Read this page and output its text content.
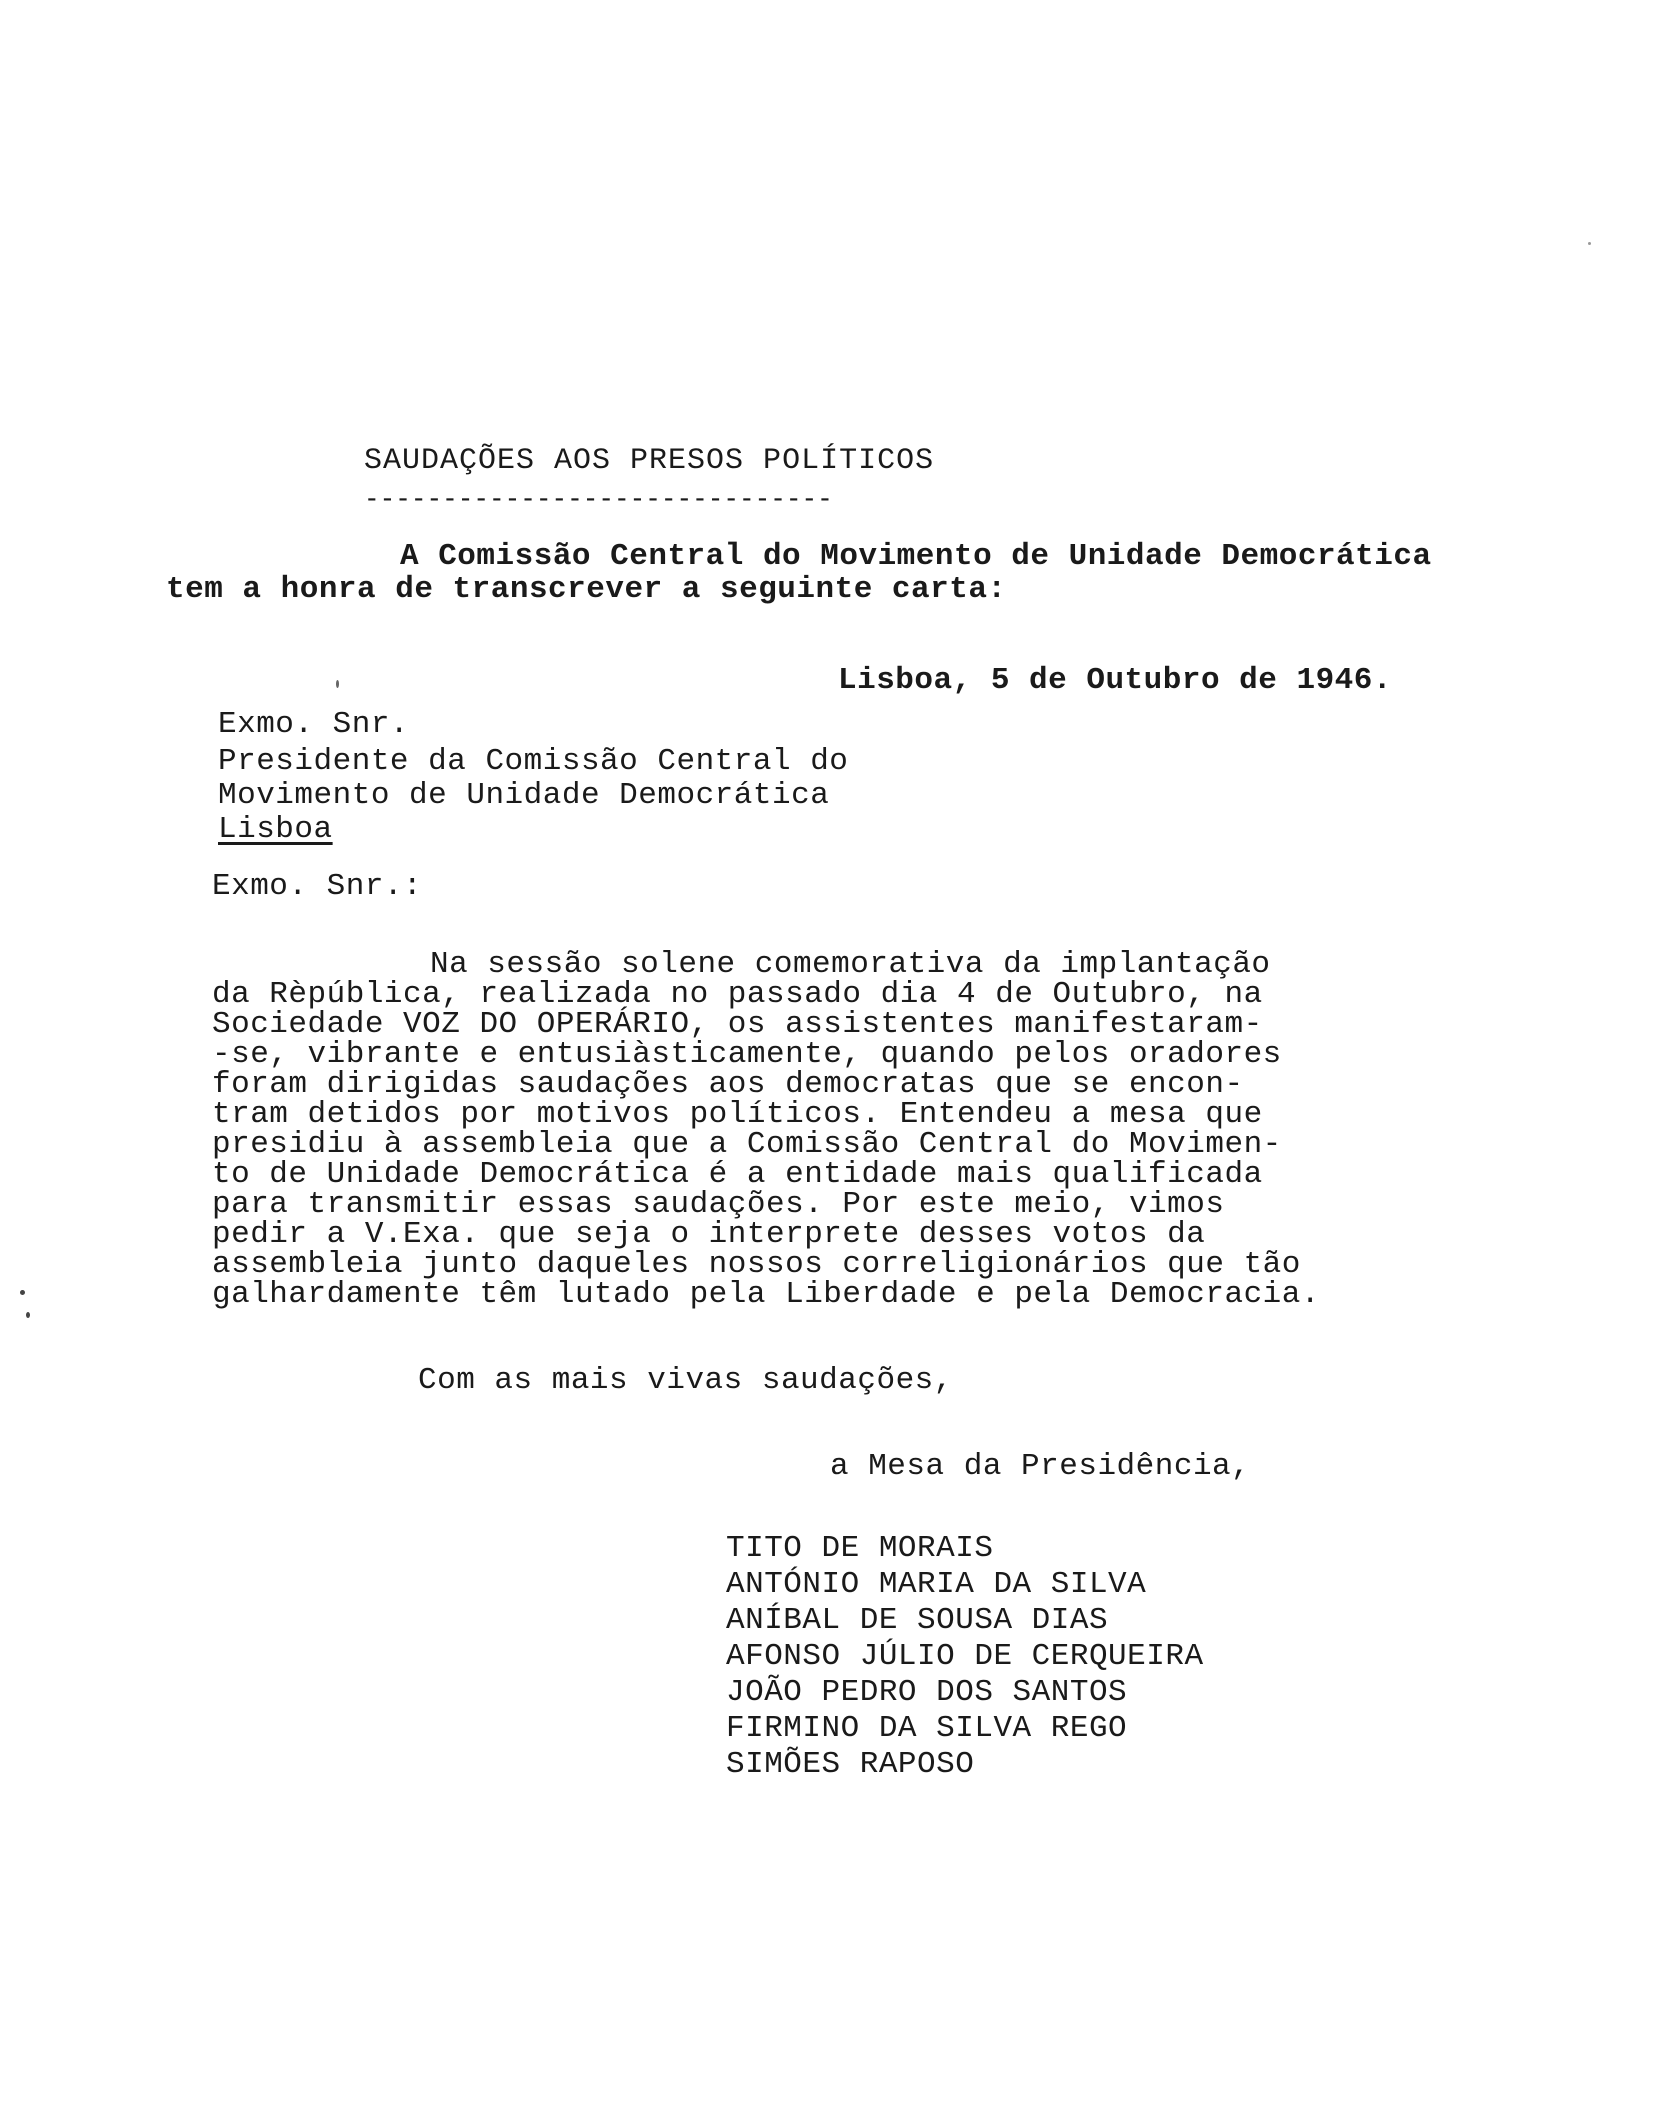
SAUDAÇÕES AOS PRESOS POLÍTICOS
------------------------------
A Comissão Central do Movimento de Unidade Democrática
tem a honra de transcrever a seguinte carta:
Lisboa, 5 de Outubro de 1946.
Exmo. Snr.
Presidente da Comissão Central do
Movimento de Unidade Democrática
Lisboa
Exmo. Snr.:
Na sessão solene comemorativa da implantação
da Rèpública, realizada no passado dia 4 de Outubro, na
Sociedade VOZ DO OPERÁRIO, os assistentes manifestaram-
-se, vibrante e entusiàsticamente, quando pelos oradores
foram dirigidas saudações aos democratas que se encon-
tram detidos por motivos políticos. Entendeu a mesa que
presidiu à assembleia que a Comissão Central do Movimen-
to de Unidade Democrática é a entidade mais qualificada
para transmitir essas saudações. Por este meio, vimos
pedir a V.Exa. que seja o interprete desses votos da
assembleia junto daqueles nossos correligionários que tão
galhardamente têm lutado pela Liberdade e pela Democracia.
Com as mais vivas saudações,
a Mesa da Presidência,
TITO DE MORAIS
ANTÓNIO MARIA DA SILVA
ANÍBAL DE SOUSA DIAS
AFONSO JÚLIO DE CERQUEIRA
JOÃO PEDRO DOS SANTOS
FIRMINO DA SILVA REGO
SIMÕES RAPOSO
